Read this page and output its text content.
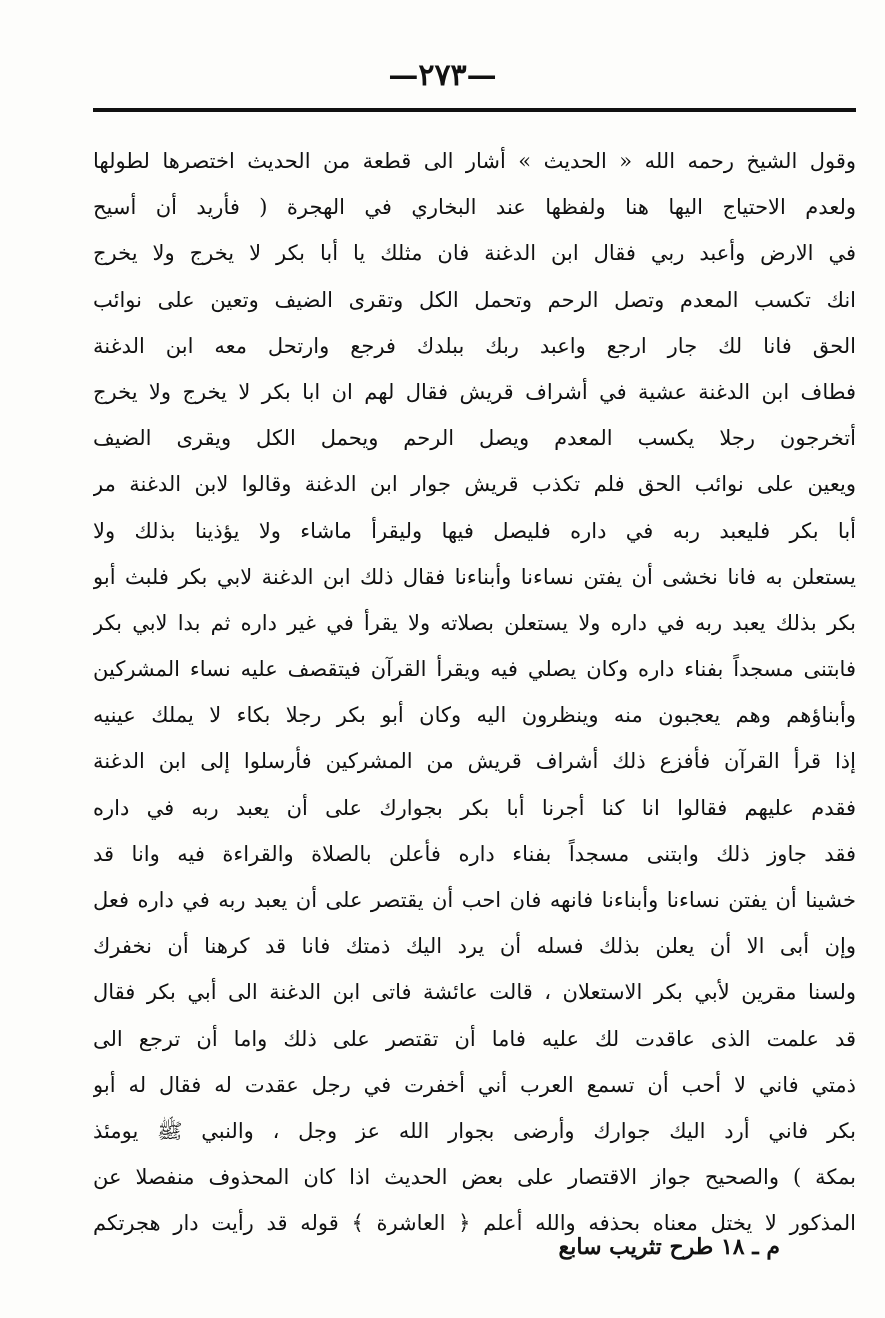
—٢٧٣—
وقول الشيخ رحمه الله « الحديث » أشار الى قطعة من الحديث اختصرها لطولها
ولعدم الاحتياج اليها هنا ولفظها عند البخاري في الهجرة ( فأريد أن أسيح
في الارض وأعبد ربي فقال ابن الدغنة فان مثلك يا أبا بكر لا يخرج ولا يخرج
انك تكسب المعدم وتصل الرحم وتحمل الكل وتقرى الضيف وتعين على نوائب
الحق فانا لك جار ارجع واعبد ربك ببلدك فرجع وارتحل معه ابن الدغنة
فطاف ابن الدغنة عشية في أشراف قريش فقال لهم ان ابا بكر لا يخرج ولا يخرج
أتخرجون رجلا يكسب المعدم ويصل الرحم ويحمل الكل ويقرى الضيف
ويعين على نوائب الحق فلم تكذب قريش جوار ابن الدغنة وقالوا لابن الدغنة مر
أبا بكر فليعبد ربه في داره فليصل فيها وليقرأ ماشاء ولا يؤذينا بذلك ولا
يستعلن به فانا نخشى أن يفتن نساءنا وأبناءنا فقال ذلك ابن الدغنة لابي بكر فلبث أبو
بكر بذلك يعبد ربه في داره ولا يستعلن بصلاته ولا يقرأ في غير داره ثم بدا لابي بكر
فابتنى مسجداً بفناء داره وكان يصلي فيه ويقرأ القرآن فيتقصف عليه نساء المشركين
وأبناؤهم وهم يعجبون منه وينظرون اليه وكان أبو بكر رجلا بكاء لا يملك عينيه
إذا قرأ القرآن فأفزع ذلك أشراف قريش من المشركين فأرسلوا إلى ابن الدغنة
فقدم عليهم فقالوا انا كنا أجرنا أبا بكر بجوارك على أن يعبد ربه في داره
فقد جاوز ذلك وابتنى مسجداً بفناء داره فأعلن بالصلاة والقراءة فيه وانا قد
خشينا أن يفتن نساءنا وأبناءنا فانهه فان احب أن يقتصر على أن يعبد ربه في داره فعل
وإن أبى الا أن يعلن بذلك فسله أن يرد اليك ذمتك فانا قد كرهنا أن نخفرك
ولسنا مقرين لأبي بكر الاستعلان ، قالت عائشة فاتى ابن الدغنة الى أبي بكر فقال
قد علمت الذى عاقدت لك عليه فاما أن تقتصر على ذلك واما أن ترجع الى
ذمتي فاني لا أحب أن تسمع العرب أني أخفرت في رجل عقدت له فقال له أبو
بكر فاني أرد اليك جوارك وأرضى بجوار الله عز وجل ، والنبي ﷺ يومئذ
بمكة ) والصحيح جواز الاقتصار على بعض الحديث اذا كان المحذوف منفصلا عن
المذكور لا يختل معناه بحذفه والله أعلم ﴿ العاشرة ﴾ قوله قد رأيت دار هجرتكم
م ـ ١٨ طرح تثريب سابع
